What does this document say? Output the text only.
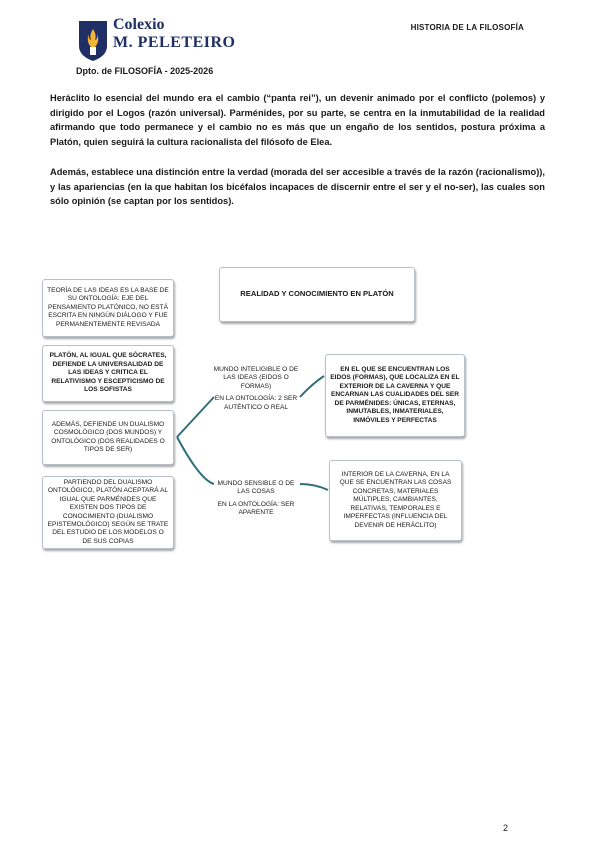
Colexio
M. PELETEIRO
Dpto. de FILOSOFÍA - 2025-2026
HISTORIA DE LA FILOSOFÍA

Heráclito lo esencial del mundo era el cambio (“panta rei”), un devenir animado por el conflicto (polemos) y dirigido por el Logos (razón universal). Parménides, por su parte, se centra en la inmutabilidad de la realidad afirmando que todo permanece y el cambio no es más que un engaño de los sentidos, postura próxima a Platón, quien seguirá la cultura racionalista del filósofo de Elea.

Además, establece una distinción entre la verdad (morada del ser accesible a través de la razón (racionalismo)), y las apariencias (en la que habitan los bicéfalos incapaces de discernir entre el ser y el no-ser), las cuales son sólo opinión (se captan por los sentidos).

REALIDAD Y CONOCIMIENTO EN PLATÓN
TEORÍA DE LAS IDEAS ES LA BASE DE SU ONTOLOGÍA: EJE DEL PENSAMIENTO PLATÓNICO, NO ESTÁ ESCRITA EN NINGÚN DIÁLOGO Y FUE PERMANENTEMENTE REVISADA
PLATÓN, AL IGUAL QUE SÓCRATES, DEFIENDE LA UNIVERSALIDAD DE LAS IDEAS Y CRITICA EL RELATIVISMO Y ESCEPTICISMO DE LOS SOFISTAS
ADEMÁS, DEFIENDE UN DUALISMO COSMOLÓGICO (DOS MUNDOS) Y ONTOLÓGICO (DOS REALIDADES O TIPOS DE SER)
PARTIENDO DEL DUALISMO ONTOLÓGICO, PLATÓN ACEPTARÁ AL IGUAL QUE PARMÉNIDES QUE EXISTEN DOS TIPOS DE CONOCIMIENTO (DUALISMO EPISTEMOLÓGICO) SEGÚN SE TRATE DEL ESTUDIO DE LOS MODELOS O DE SUS COPIAS
MUNDO INTELIGIBLE O DE LAS IDEAS (EIDOS O FORMAS)
EN LA ONTOLOGÍA: 2 SER AUTÉNTICO O REAL
MUNDO SENSIBLE O DE LAS COSAS
EN LA ONTOLOGÍA: SER APARENTE
EN EL QUE SE ENCUENTRAN LOS EIDOS (FORMAS), QUE LOCALIZA EN EL EXTERIOR DE LA CAVERNA Y QUE ENCARNAN LAS CUALIDADES DEL SER DE PARMÉNIDES: ÚNICAS, ETERNAS, INMUTABLES, INMATERIALES, INMÓVILES Y PERFECTAS
INTERIOR DE LA CAVERNA, EN LA QUE SE ENCUENTRAN LAS COSAS CONCRETAS, MATERIALES MÚLTIPLES, CAMBIANTES, RELATIVAS, TEMPORALES E IMPERFECTAS (INFLUENCIA DEL DEVENIR DE HERÁCLITO)
2
